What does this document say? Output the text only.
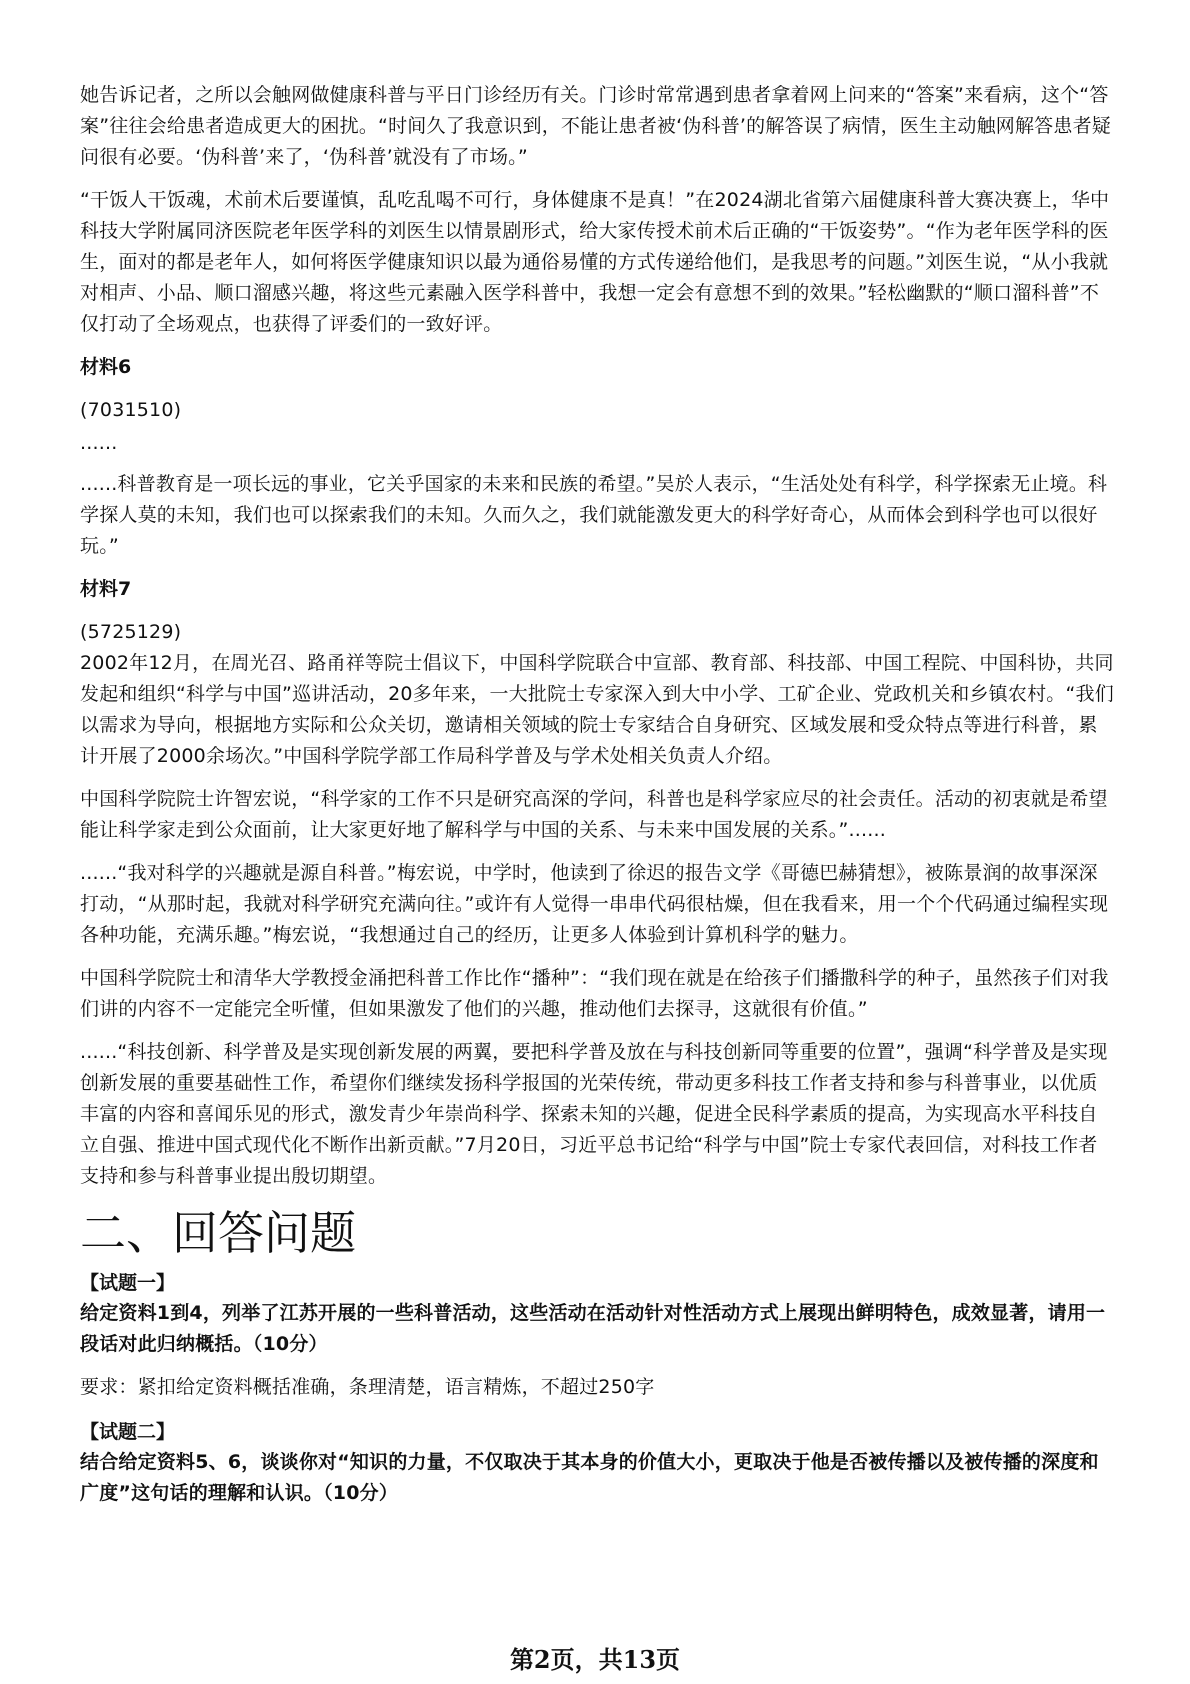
她告诉记者，之所以会触网做健康科普与平日门诊经历有关。门诊时常常遇到患者拿着网上问来的“答案”来看病，这个“答案”往往会给患者造成更大的困扰。“时间久了我意识到，不能让患者被‘伪科普’的解答误了病情，医生主动触网解答患者疑问很有必要。‘伪科普’来了，‘伪科普’就没有了市场。”

“干饭人干饭魂，术前术后要谨慎，乱吃乱喝不可行，身体健康不是真！”在2024湖北省第六届健康科普大赛决赛上，华中科技大学附属同济医院老年医学科的刘医生以情景剧形式，给大家传授术前术后正确的“干饭姿势”。“作为老年医学科的医生，面对的都是老年人，如何将医学健康知识以最为通俗易懂的方式传递给他们，是我思考的问题。”刘医生说，“从小我就对相声、小品、顺口溜感兴趣，将这些元素融入医学科普中，我想一定会有意想不到的效果。”轻松幽默的“顺口溜科普”不仅打动了全场观点，也获得了评委们的一致好评。

材料6

(7031510)

......

......科普教育是一项长远的事业，它关乎国家的未来和民族的希望。”吴於人表示，“生活处处有科学，科学探索无止境。科学探人莫的未知，我们也可以探索我们的未知。久而久之，我们就能激发更大的科学好奇心，从而体会到科学也可以很好玩。”

材料7

(5725129)

2002年12月，在周光召、路甬祥等院士倡议下，中国科学院联合中宣部、教育部、科技部、中国工程院、中国科协，共同发起和组织“科学与中国”巡讲活动，20多年来，一大批院士专家深入到大中小学、工矿企业、党政机关和乡镇农村。“我们以需求为导向，根据地方实际和公众关切，邀请相关领域的院士专家结合自身研究、区域发展和受众特点等进行科普，累计开展了2000余场次。”中国科学院学部工作局科学普及与学术处相关负责人介绍。

中国科学院院士许智宏说，“科学家的工作不只是研究高深的学问，科普也是科学家应尽的社会责任。活动的初衷就是希望能让科学家走到公众面前，让大家更好地了解科学与中国的关系、与未来中国发展的关系。”......

......“我对科学的兴趣就是源自科普。”梅宏说，中学时，他读到了徐迟的报告文学《哥德巴赫猜想》，被陈景润的故事深深打动，“从那时起，我就对科学研究充满向往。”或许有人觉得一串串代码很枯燥，但在我看来，用一个个代码通过编程实现各种功能，充满乐趣。”梅宏说，“我想通过自己的经历，让更多人体验到计算机科学的魅力。

中国科学院院士和清华大学教授金涌把科普工作比作“播种”：“我们现在就是在给孩子们播撒科学的种子，虽然孩子们对我们讲的内容不一定能完全听懂，但如果激发了他们的兴趣，推动他们去探寻，这就很有价值。”

......“科技创新、科学普及是实现创新发展的两翼，要把科学普及放在与科技创新同等重要的位置”，强调“科学普及是实现创新发展的重要基础性工作，希望你们继续发扬科学报国的光荣传统，带动更多科技工作者支持和参与科普事业，以优质丰富的内容和喜闻乐见的形式，激发青少年崇尚科学、探索未知的兴趣，促进全民科学素质的提高，为实现高水平科技自立自强、推进中国式现代化不断作出新贡献。”7月20日，习近平总书记给“科学与中国”院士专家代表回信，对科技工作者支持和参与科普事业提出殷切期望。

二、回答问题
【试题一】

给定资料1到4，列举了江苏开展的一些科普活动，这些活动在活动针对性活动方式上展现出鲜明特色，成效显著，请用一段话对此归纳概括。（10分）

要求：紧扣给定资料概括准确，条理清楚，语言精炼，不超过250字

【试题二】

结合给定资料5、6，谈谈你对“知识的力量，不仅取决于其本身的价值大小，更取决于他是否被传播以及被传播的深度和广度”这句话的理解和认识。（10分）

第2页，共13页
